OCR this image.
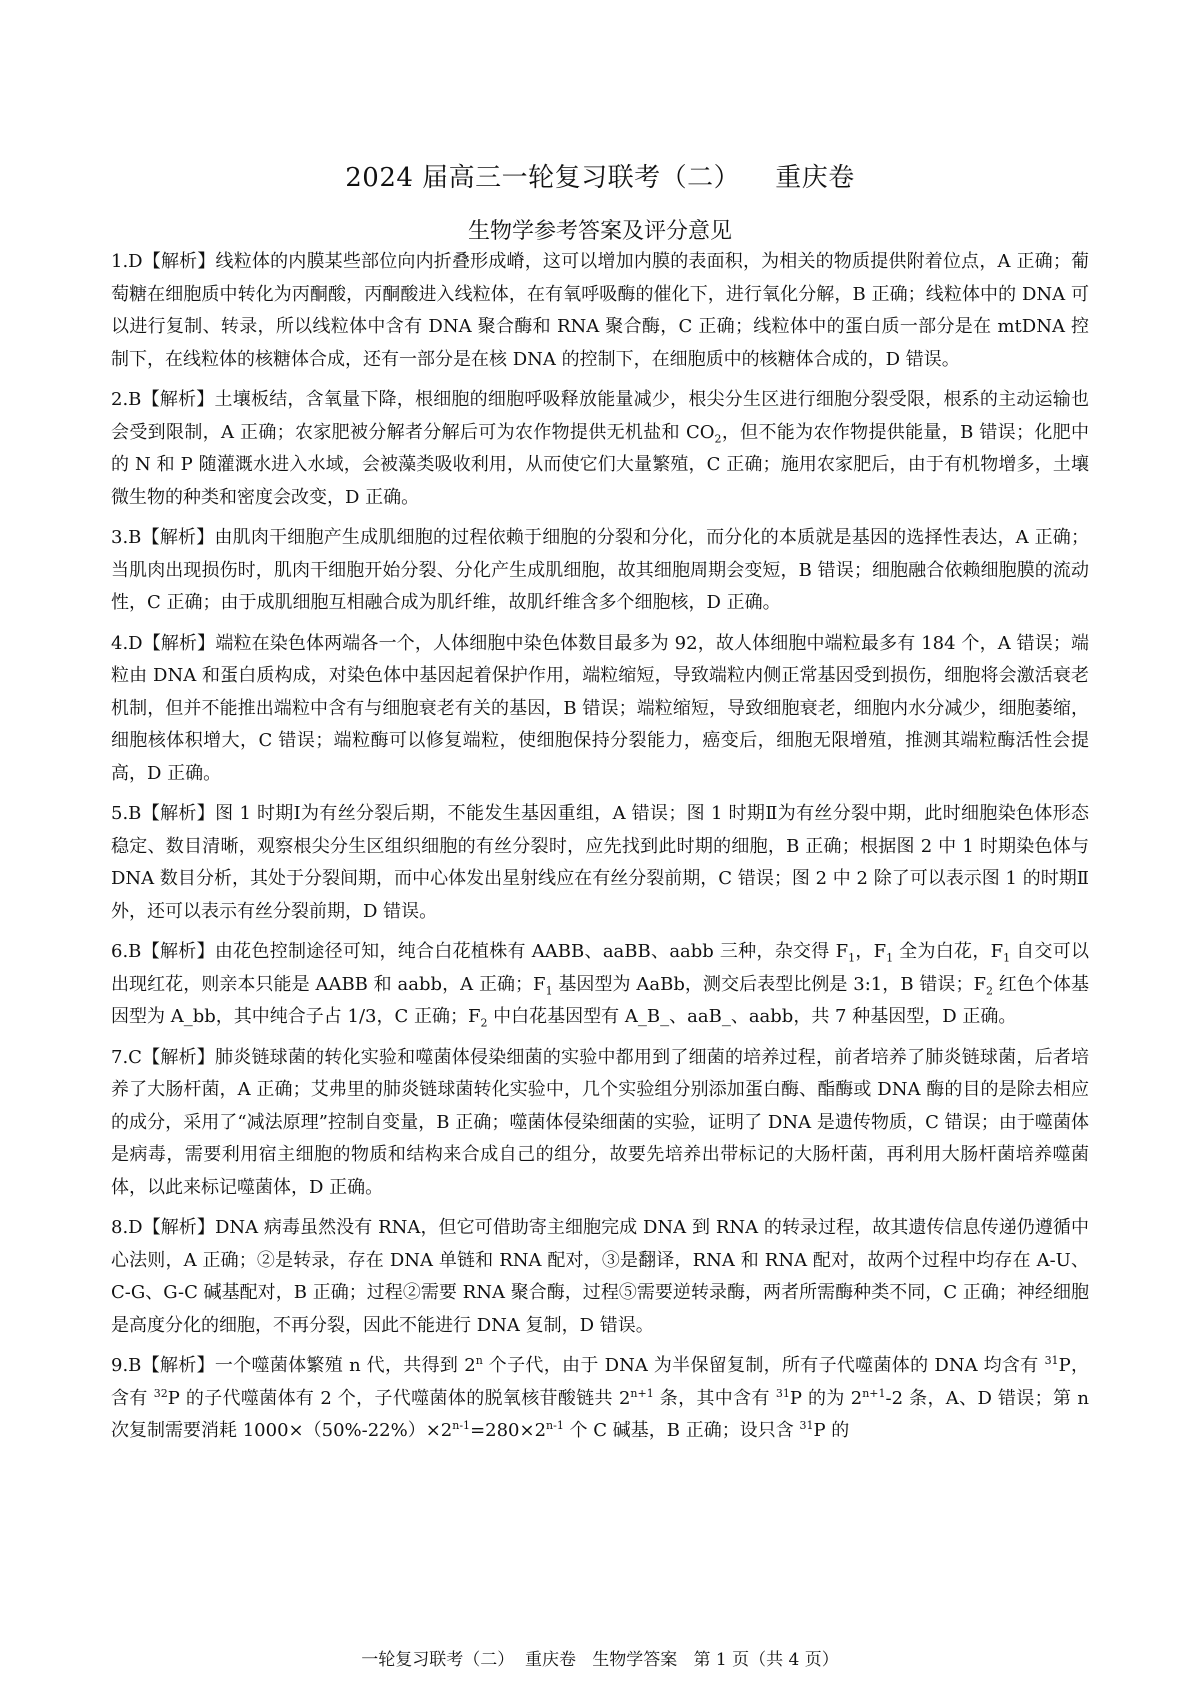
2024 届高三一轮复习联考（二）    重庆卷
生物学参考答案及评分意见

1.D【解析】线粒体的内膜某些部位向内折叠形成嵴，这可以增加内膜的表面积，为相关的物质提供附着位点，A 正确；葡萄糖在细胞质中转化为丙酮酸，丙酮酸进入线粒体，在有氧呼吸酶的催化下，进行氧化分解，B 正确；线粒体中的 DNA 可以进行复制、转录，所以线粒体中含有 DNA 聚合酶和 RNA 聚合酶，C 正确；线粒体中的蛋白质一部分是在 mtDNA 控制下，在线粒体的核糖体合成，还有一部分是在核 DNA 的控制下，在细胞质中的核糖体合成的，D 错误。

2.B【解析】土壤板结，含氧量下降，根细胞的细胞呼吸释放能量减少，根尖分生区进行细胞分裂受限，根系的主动运输也会受到限制，A 正确；农家肥被分解者分解后可为农作物提供无机盐和 $CO_2$，但不能为农作物提供能量，B 错误；化肥中的 N 和 P 随灌溉水进入水域，会被藻类吸收利用，从而使它们大量繁殖，C 正确；施用农家肥后，由于有机物增多，土壤微生物的种类和密度会改变，D 正确。

3.B【解析】由肌肉干细胞产生成肌细胞的过程依赖于细胞的分裂和分化，而分化的本质就是基因的选择性表达，A 正确；当肌肉出现损伤时，肌肉干细胞开始分裂、分化产生成肌细胞，故其细胞周期会变短，B 错误；细胞融合依赖细胞膜的流动性，C 正确；由于成肌细胞互相融合成为肌纤维，故肌纤维含多个细胞核，D 正确。

4.D【解析】端粒在染色体两端各一个，人体细胞中染色体数目最多为 92，故人体细胞中端粒最多有 184 个，A 错误；端粒由 DNA 和蛋白质构成，对染色体中基因起着保护作用，端粒缩短，导致端粒内侧正常基因受到损伤，细胞将会激活衰老机制，但并不能推出端粒中含有与细胞衰老有关的基因，B 错误；端粒缩短，导致细胞衰老，细胞内水分减少，细胞萎缩，细胞核体积增大，C 错误；端粒酶可以修复端粒，使细胞保持分裂能力，癌变后，细胞无限增殖，推测其端粒酶活性会提高，D 正确。

5.B【解析】图 1 时期Ⅰ为有丝分裂后期，不能发生基因重组，A 错误；图 1 时期Ⅱ为有丝分裂中期，此时细胞染色体形态稳定、数目清晰，观察根尖分生区组织细胞的有丝分裂时，应先找到此时期的细胞，B 正确；根据图 2 中 1 时期染色体与 DNA 数目分析，其处于分裂间期，而中心体发出星射线应在有丝分裂前期，C 错误；图 2 中 2 除了可以表示图 1 的时期Ⅱ外，还可以表示有丝分裂前期，D 错误。

6.B【解析】由花色控制途径可知，纯合白花植株有 AABB、aaBB、aabb 三种，杂交得 $F_1$，$F_1$ 全为白花，$F_1$ 自交可以出现红花，则亲本只能是 AABB 和 aabb，A 正确；$F_1$ 基因型为 AaBb，测交后表型比例是 3:1，B 错误；$F_2$ 红色个体基因型为 A_bb，其中纯合子占 1/3，C 正确；$F_2$ 中白花基因型有 A_B_、aaB_、aabb，共 7 种基因型，D 正确。

7.C【解析】肺炎链球菌的转化实验和噬菌体侵染细菌的实验中都用到了细菌的培养过程，前者培养了肺炎链球菌，后者培养了大肠杆菌，A 正确；艾弗里的肺炎链球菌转化实验中，几个实验组分别添加蛋白酶、酯酶或 DNA 酶的目的是除去相应的成分，采用了“减法原理”控制自变量，B 正确；噬菌体侵染细菌的实验，证明了 DNA 是遗传物质，C 错误；由于噬菌体是病毒，需要利用宿主细胞的物质和结构来合成自己的组分，故要先培养出带标记的大肠杆菌，再利用大肠杆菌培养噬菌体，以此来标记噬菌体，D 正确。

8.D【解析】DNA 病毒虽然没有 RNA，但它可借助寄主细胞完成 DNA 到 RNA 的转录过程，故其遗传信息传递仍遵循中心法则，A 正确；②是转录，存在 DNA 单链和 RNA 配对，③是翻译，RNA 和 RNA 配对，故两个过程中均存在 A-U、C-G、G-C 碱基配对，B 正确；过程②需要 RNA 聚合酶，过程⑤需要逆转录酶，两者所需酶种类不同，C 正确；神经细胞是高度分化的细胞，不再分裂，因此不能进行 DNA 复制，D 错误。

9.B【解析】一个噬菌体繁殖 n 代，共得到 2$^n$ 个子代，由于 DNA 为半保留复制，所有子代噬菌体的 DNA 均含有 $^{31}$P，含有 $^{32}$P 的子代噬菌体有 2 个，子代噬菌体的脱氧核苷酸链共 $2^{n+1}$ 条，其中含有 $^{31}$P 的为 $2^{n+1}-2$ 条，A、D 错误；第 n 次复制需要消耗 $1000\times(50\%-22\%)\times 2^{n-1}=280\times 2^{n-1}$ 个 C 碱基，B 正确；设只含 $^{31}$P 的

一轮复习联考（二）  重庆卷   生物学答案   第 1 页（共 4 页）
